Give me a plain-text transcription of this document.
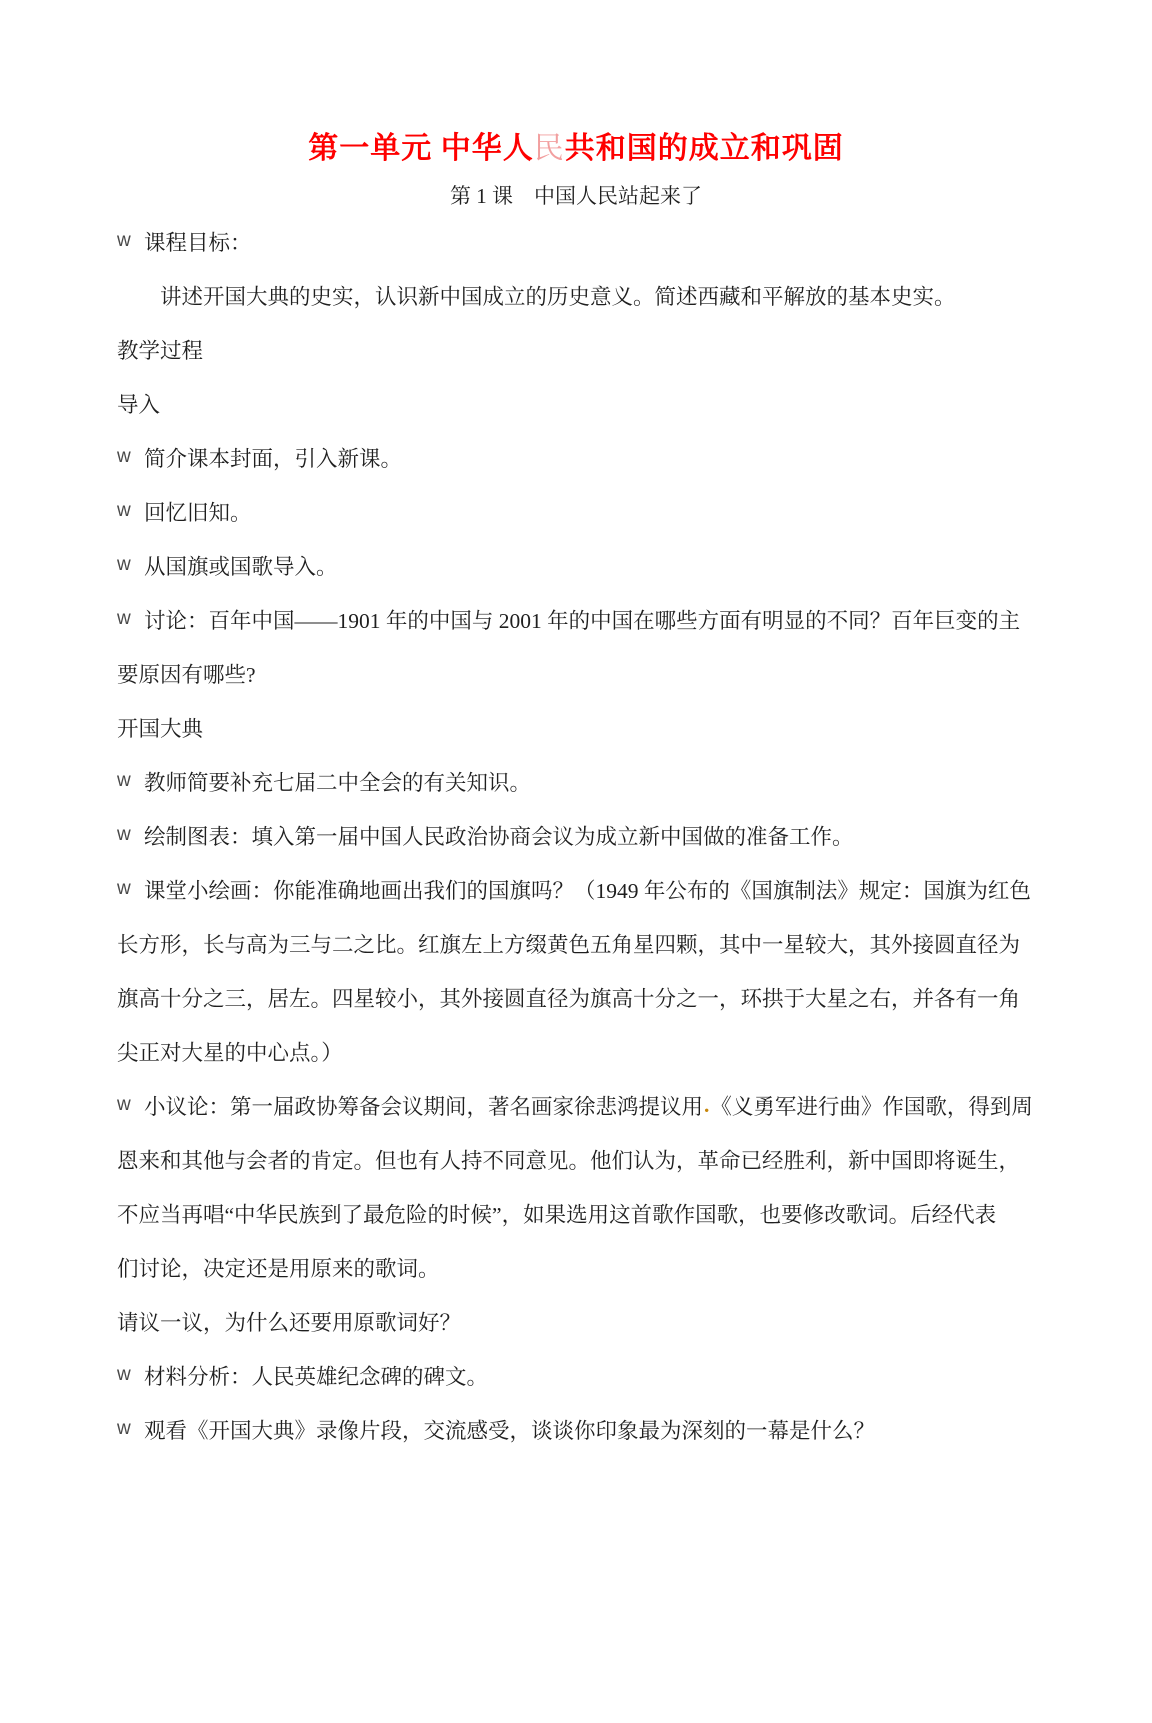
第一单元 中华人民共和国的成立和巩固
第 1 课　中国人民站起来了
w 课程目标：
讲述开国大典的史实，认识新中国成立的历史意义。简述西藏和平解放的基本史实。
教学过程
导入
w 简介课本封面，引入新课。
w 回忆旧知。
w 从国旗或国歌导入。
w 讨论：百年中国——1901 年的中国与 2001 年的中国在哪些方面有明显的不同？百年巨变的主
要原因有哪些?
开国大典
w 教师简要补充七届二中全会的有关知识。
w 绘制图表：填入第一届中国人民政治协商会议为成立新中国做的准备工作。
w 课堂小绘画：你能准确地画出我们的国旗吗？（1949 年公布的《国旗制法》规定：国旗为红色
长方形，长与高为三与二之比。红旗左上方缀黄色五角星四颗，其中一星较大，其外接圆直径为
旗高十分之三，居左。四星较小，其外接圆直径为旗高十分之一，环拱于大星之右，并各有一角
尖正对大星的中心点。）
w 小议论：第一届政协筹备会议期间，著名画家徐悲鸿提议用 . 《义勇军进行曲》作国歌，得到周
恩来和其他与会者的肯定。但也有人持不同意见。他们认为，革命已经胜利，新中国即将诞生，
不应当再唱“中华民族到了最危险的时候”，如果选用这首歌作国歌，也要修改歌词。后经代表
们讨论，决定还是用原来的歌词。
请议一议，为什么还要用原歌词好？
w 材料分析：人民英雄纪念碑的碑文。
w 观看《开国大典》录像片段，交流感受，谈谈你印象最为深刻的一幕是什么？
